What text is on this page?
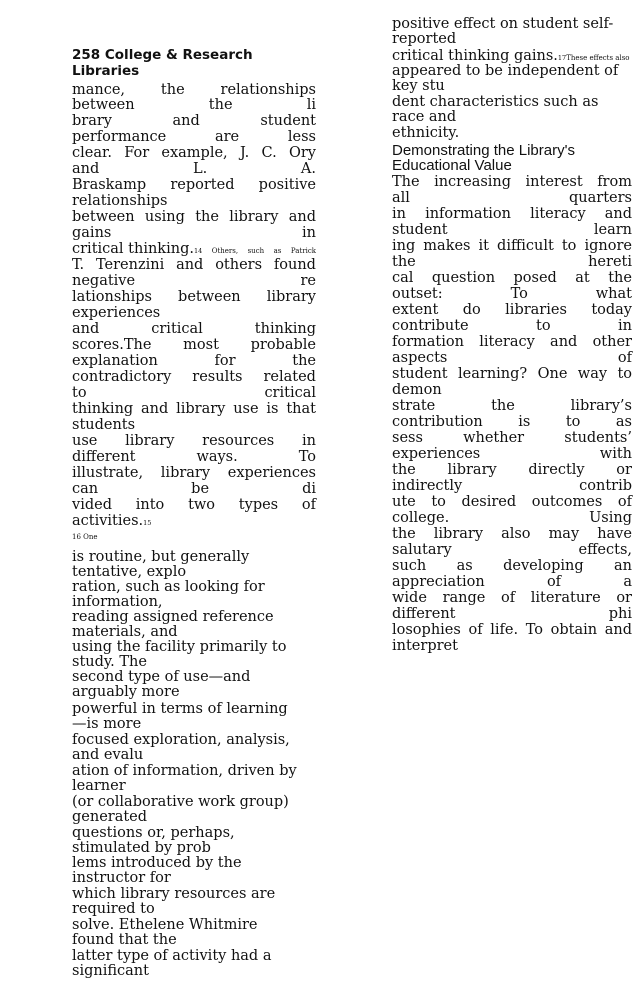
258 College & Research
Libraries
mance, the relationships
between	the	li
brary	and	student
performance	are	less
clear. For example, J. C. Ory
and	L.	A.
Braskamp reported positive
relationships
between using the library and
gains	in
critical thinking.14 Others, such as Patrick
T. Terenzini and others found
negative	re
lationships between library
experiences
and	critical	thinking
scores.The most probable
explanation	for	the
contradictory results related
to	critical
thinking and library use is that
students
use library resources in
different	ways.	To
illustrate, library experiences
can	be	di
vided into two types of
activities.15
16 One
is routine, but generally
tentative, explo
ration, such as looking for
information,
reading assigned reference
materials, and
using the facility primarily to
study. The
second type of use—and
arguably more
powerful in terms of learning
—is more
focused exploration, analysis,
and evalu
ation of information, driven by
learner
(or collaborative work group)
generated
questions or, perhaps,
stimulated by prob
lems introduced by the
instructor for
which library resources are
required to
solve. Ethelene Whitmire
found that the
latter type of activity had a
significant
positive effect on student self-
reported
critical thinking gains.17These effects also
appeared to be independent of
key stu
dent characteristics such as
race and
ethnicity.
Demonstrating the Library's
Educational Value
The increasing interest from
all	quarters
in information literacy and
student	learn
ing makes it difficult to ignore
the	hereti
cal question posed at the
outset:	To	what
extent do libraries today
contribute	to	in
formation literacy and other
aspects	of
student learning? One way to
demon
strate	the	library’s
contribution is to as
sess	whether	students’
experiences	with
the library directly or
indirectly	contrib
ute to desired outcomes of
college.	Using
the library also may have
salutary	effects,
such as developing an
appreciation	of	a
wide range of literature or
different	phi
losophies of life. To obtain and
interpret
